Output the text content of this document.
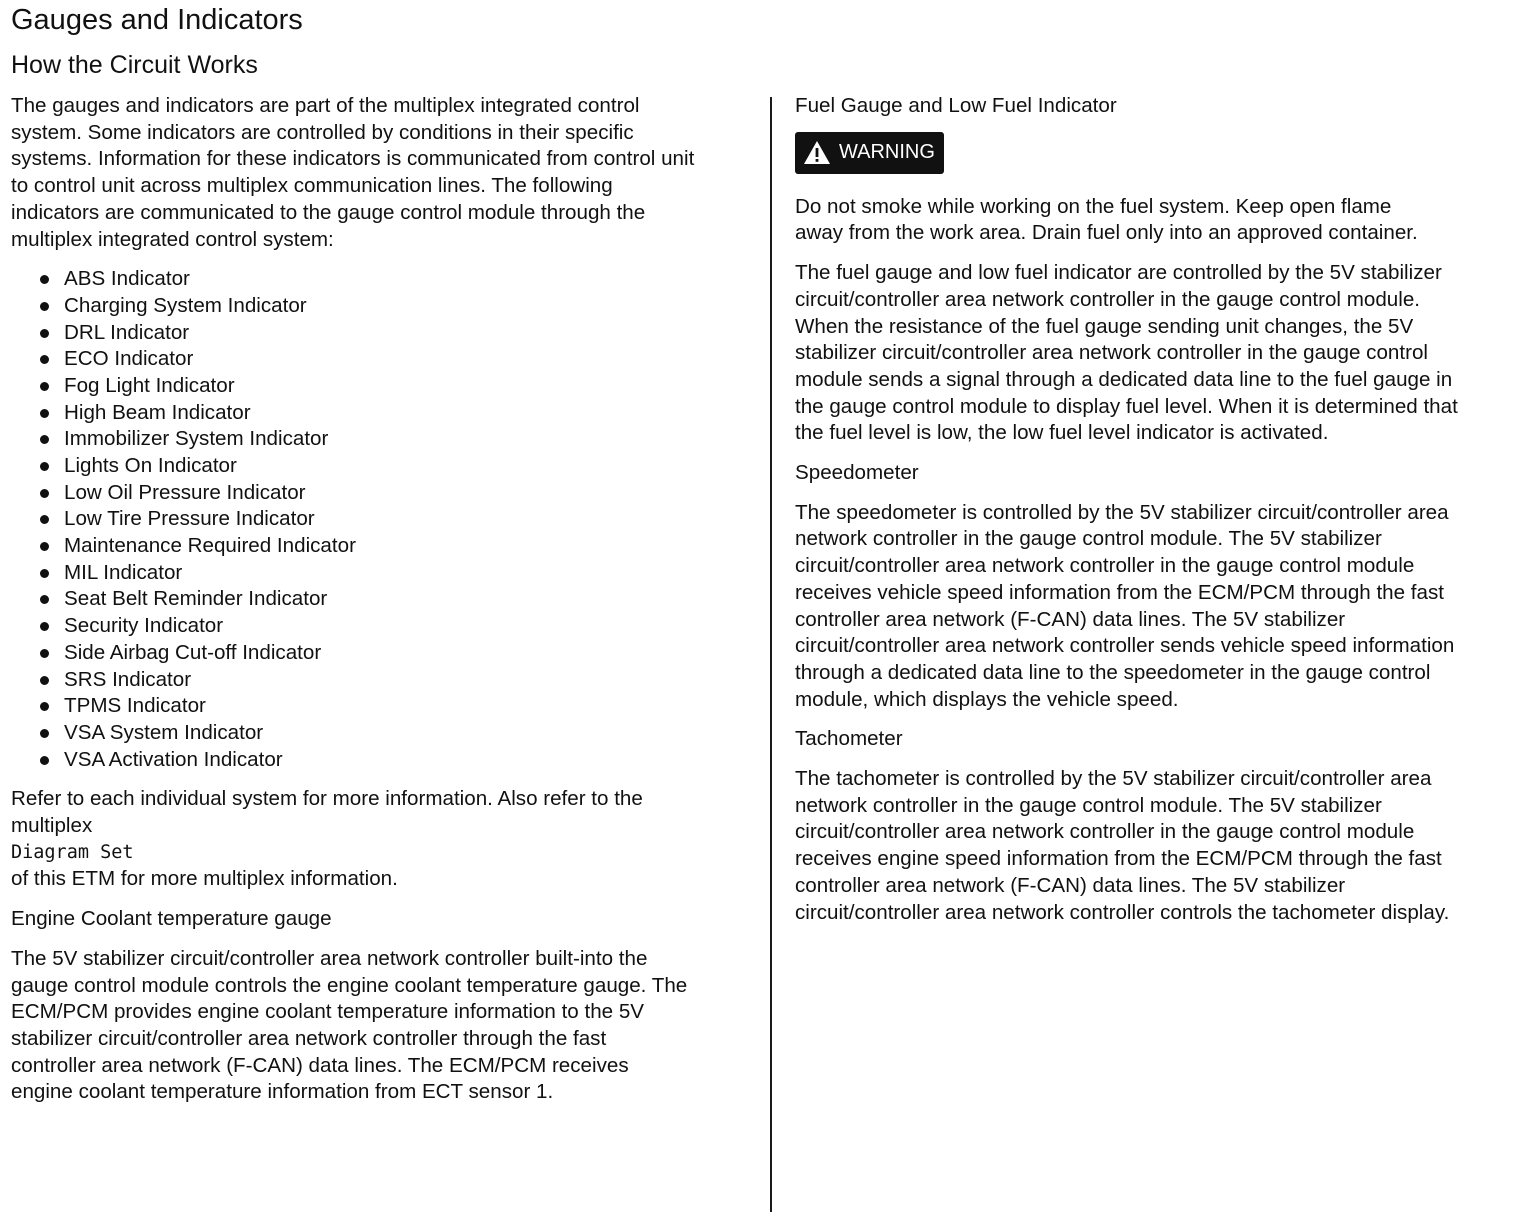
Gauges and Indicators
How the Circuit Works

The gauges and indicators are part of the multiplex integrated control
system. Some indicators are controlled by conditions in their specific
systems. Information for these indicators is communicated from control unit
to control unit across multiplex communication lines. The following
indicators are communicated to the gauge control module through the
multiplex integrated control system:

ABS Indicator
Charging System Indicator
DRL Indicator
ECO Indicator
Fog Light Indicator
High Beam Indicator
Immobilizer System Indicator
Lights On Indicator
Low Oil Pressure Indicator
Low Tire Pressure Indicator
Maintenance Required Indicator
MIL Indicator
Seat Belt Reminder Indicator
Security Indicator
Side Airbag Cut-off Indicator
SRS Indicator
TPMS Indicator
VSA System Indicator
VSA Activation Indicator

Refer to each individual system for more information. Also refer to the
multiplex
Diagram Set
of this ETM for more multiplex information.

Engine Coolant temperature gauge

The 5V stabilizer circuit/controller area network controller built-into the
gauge control module controls the engine coolant temperature gauge. The
ECM/PCM provides engine coolant temperature information to the 5V
stabilizer circuit/controller area network controller through the fast
controller area network (F-CAN) data lines. The ECM/PCM receives
engine coolant temperature information from ECT sensor 1.

Fuel Gauge and Low Fuel Indicator

WARNING

Do not smoke while working on the fuel system. Keep open flame
away from the work area. Drain fuel only into an approved container.

The fuel gauge and low fuel indicator are controlled by the 5V stabilizer
circuit/controller area network controller in the gauge control module.
When the resistance of the fuel gauge sending unit changes, the 5V
stabilizer circuit/controller area network controller in the gauge control
module sends a signal through a dedicated data line to the fuel gauge in
the gauge control module to display fuel level. When it is determined that
the fuel level is low, the low fuel level indicator is activated.

Speedometer

The speedometer is controlled by the 5V stabilizer circuit/controller area
network controller in the gauge control module. The 5V stabilizer
circuit/controller area network controller in the gauge control module
receives vehicle speed information from the ECM/PCM through the fast
controller area network (F-CAN) data lines. The 5V stabilizer
circuit/controller area network controller sends vehicle speed information
through a dedicated data line to the speedometer in the gauge control
module, which displays the vehicle speed.

Tachometer

The tachometer is controlled by the 5V stabilizer circuit/controller area
network controller in the gauge control module. The 5V stabilizer
circuit/controller area network controller in the gauge control module
receives engine speed information from the ECM/PCM through the fast
controller area network (F-CAN) data lines. The 5V stabilizer
circuit/controller area network controller controls the tachometer display.
